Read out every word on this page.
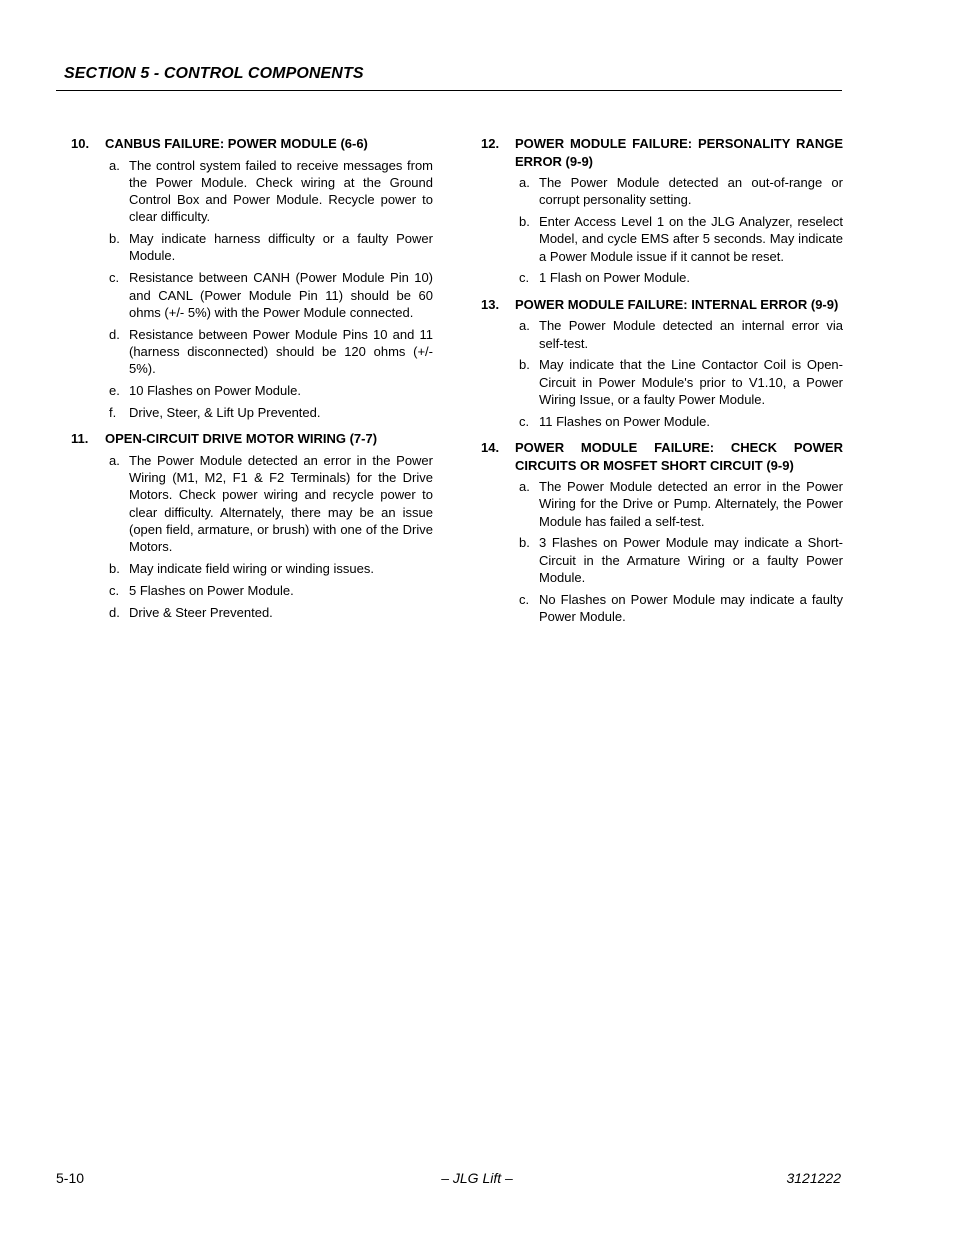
SECTION 5 - CONTROL COMPONENTS
10.	CANBUS FAILURE: POWER MODULE (6-6)
a. The control system failed to receive messages from the Power Module. Check wiring at the Ground Control Box and Power Module. Recycle power to clear difficulty.
b. May indicate harness difficulty or a faulty Power Module.
c. Resistance between CANH (Power Module Pin 10) and CANL (Power Module Pin 11) should be 60 ohms (+/- 5%) with the Power Module connected.
d. Resistance between Power Module Pins 10 and 11 (harness disconnected) should be 120 ohms (+/- 5%).
e. 10 Flashes on Power Module.
f. Drive, Steer, & Lift Up Prevented.
11.	OPEN-CIRCUIT DRIVE MOTOR WIRING (7-7)
a. The Power Module detected an error in the Power Wiring (M1, M2, F1 & F2 Terminals) for the Drive Motors. Check power wiring and recycle power to clear difficulty. Alternately, there may be an issue (open field, armature, or brush) with one of the Drive Motors.
b. May indicate field wiring or winding issues.
c. 5 Flashes on Power Module.
d. Drive & Steer Prevented.
12.	POWER MODULE FAILURE: PERSONALITY RANGE ERROR (9-9)
a. The Power Module detected an out-of-range or corrupt personality setting.
b. Enter Access Level 1 on the JLG Analyzer, reselect Model, and cycle EMS after 5 seconds. May indicate a Power Module issue if it cannot be reset.
c. 1 Flash on Power Module.
13.	POWER MODULE FAILURE: INTERNAL ERROR (9-9)
a. The Power Module detected an internal error via self-test.
b. May indicate that the Line Contactor Coil is Open-Circuit in Power Module's prior to V1.10, a Power Wiring Issue, or a faulty Power Module.
c. 11 Flashes on Power Module.
14.	POWER MODULE FAILURE: CHECK POWER CIRCUITS OR MOSFET SHORT CIRCUIT (9-9)
a. The Power Module detected an error in the Power Wiring for the Drive or Pump. Alternately, the Power Module has failed a self-test.
b. 3 Flashes on Power Module may indicate a Short-Circuit in the Armature Wiring or a faulty Power Module.
c. No Flashes on Power Module may indicate a faulty Power Module.
5-10	– JLG Lift –	3121222
